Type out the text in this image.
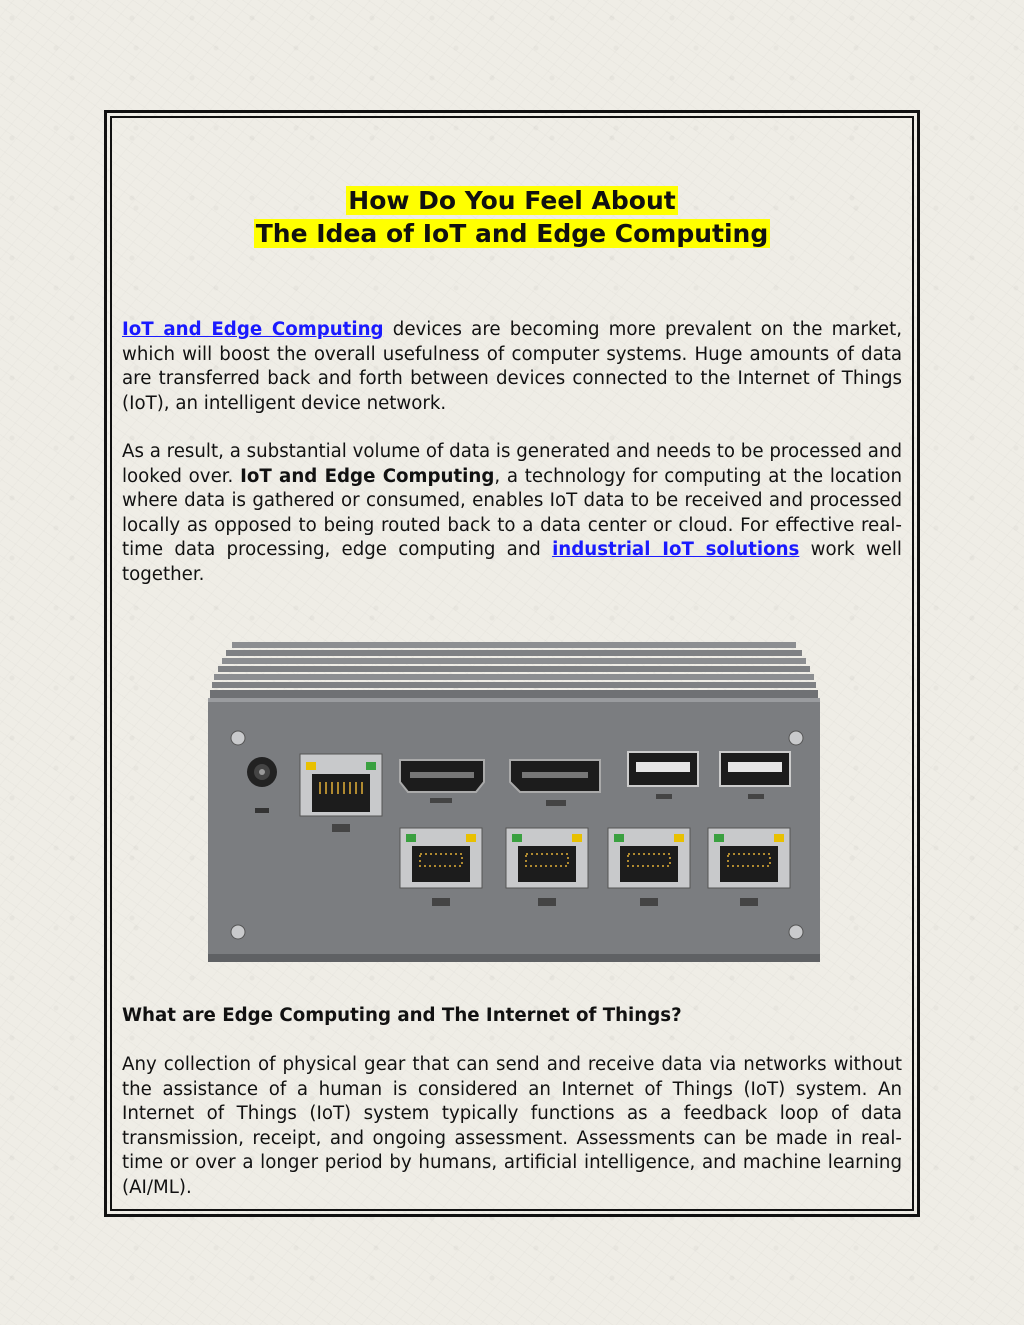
How Do You Feel About
The Idea of IoT and Edge Computing
IoT and Edge Computing devices are becoming more prevalent on the market, which will boost the overall usefulness of computer systems. Huge amounts of data are transferred back and forth between devices connected to the Internet of Things (IoT), an intelligent device network.
As a result, a substantial volume of data is generated and needs to be processed and looked over. IoT and Edge Computing, a technology for computing at the location where data is gathered or consumed, enables IoT data to be received and processed locally as opposed to being routed back to a data center or cloud. For effective real-time data processing, edge computing and industrial IoT solutions work well together.
What are Edge Computing and The Internet of Things?
Any collection of physical gear that can send and receive data via networks without the assistance of a human is considered an Internet of Things (IoT) system. An Internet of Things (IoT) system typically functions as a feedback loop of data transmission, receipt, and ongoing assessment. Assessments can be made in real-time or over a longer period by humans, artificial intelligence, and machine learning (AI/ML).
